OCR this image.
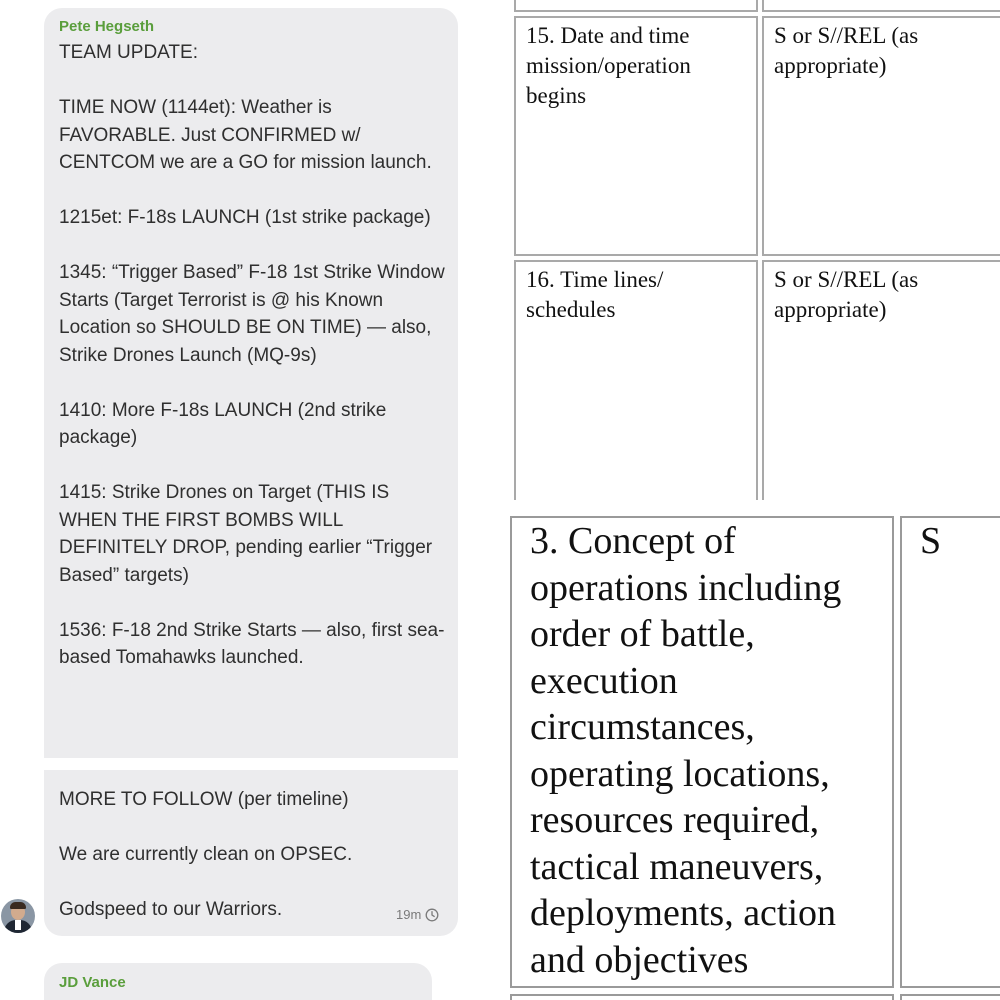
Pete Hegseth

TEAM UPDATE:

TIME NOW (1144et): Weather is FAVORABLE. Just CONFIRMED w/ CENTCOM we are a GO for mission launch.

1215et: F-18s LAUNCH (1st strike package)

1345: “Trigger Based” F-18 1st Strike Window Starts (Target Terrorist is @ his Known Location so SHOULD BE ON TIME) — also, Strike Drones Launch (MQ-9s)

1410: More F-18s LAUNCH (2nd strike package)

1415: Strike Drones on Target (THIS IS WHEN THE FIRST BOMBS WILL DEFINITELY DROP, pending earlier “Trigger Based” targets)

1536: F-18 2nd Strike Starts — also, first sea-based Tomahawks launched.

MORE TO FOLLOW (per timeline)

We are currently clean on OPSEC.

Godspeed to our Warriors.	19m
JD Vance
15. Date and time mission/operation begins
S or S//REL (as appropriate)
16. Time lines/ schedules
S or S//REL (as appropriate)
3. Concept of operations including order of battle, execution circumstances, operating locations, resources required, tactical maneuvers, deployments, action and objectives
S
